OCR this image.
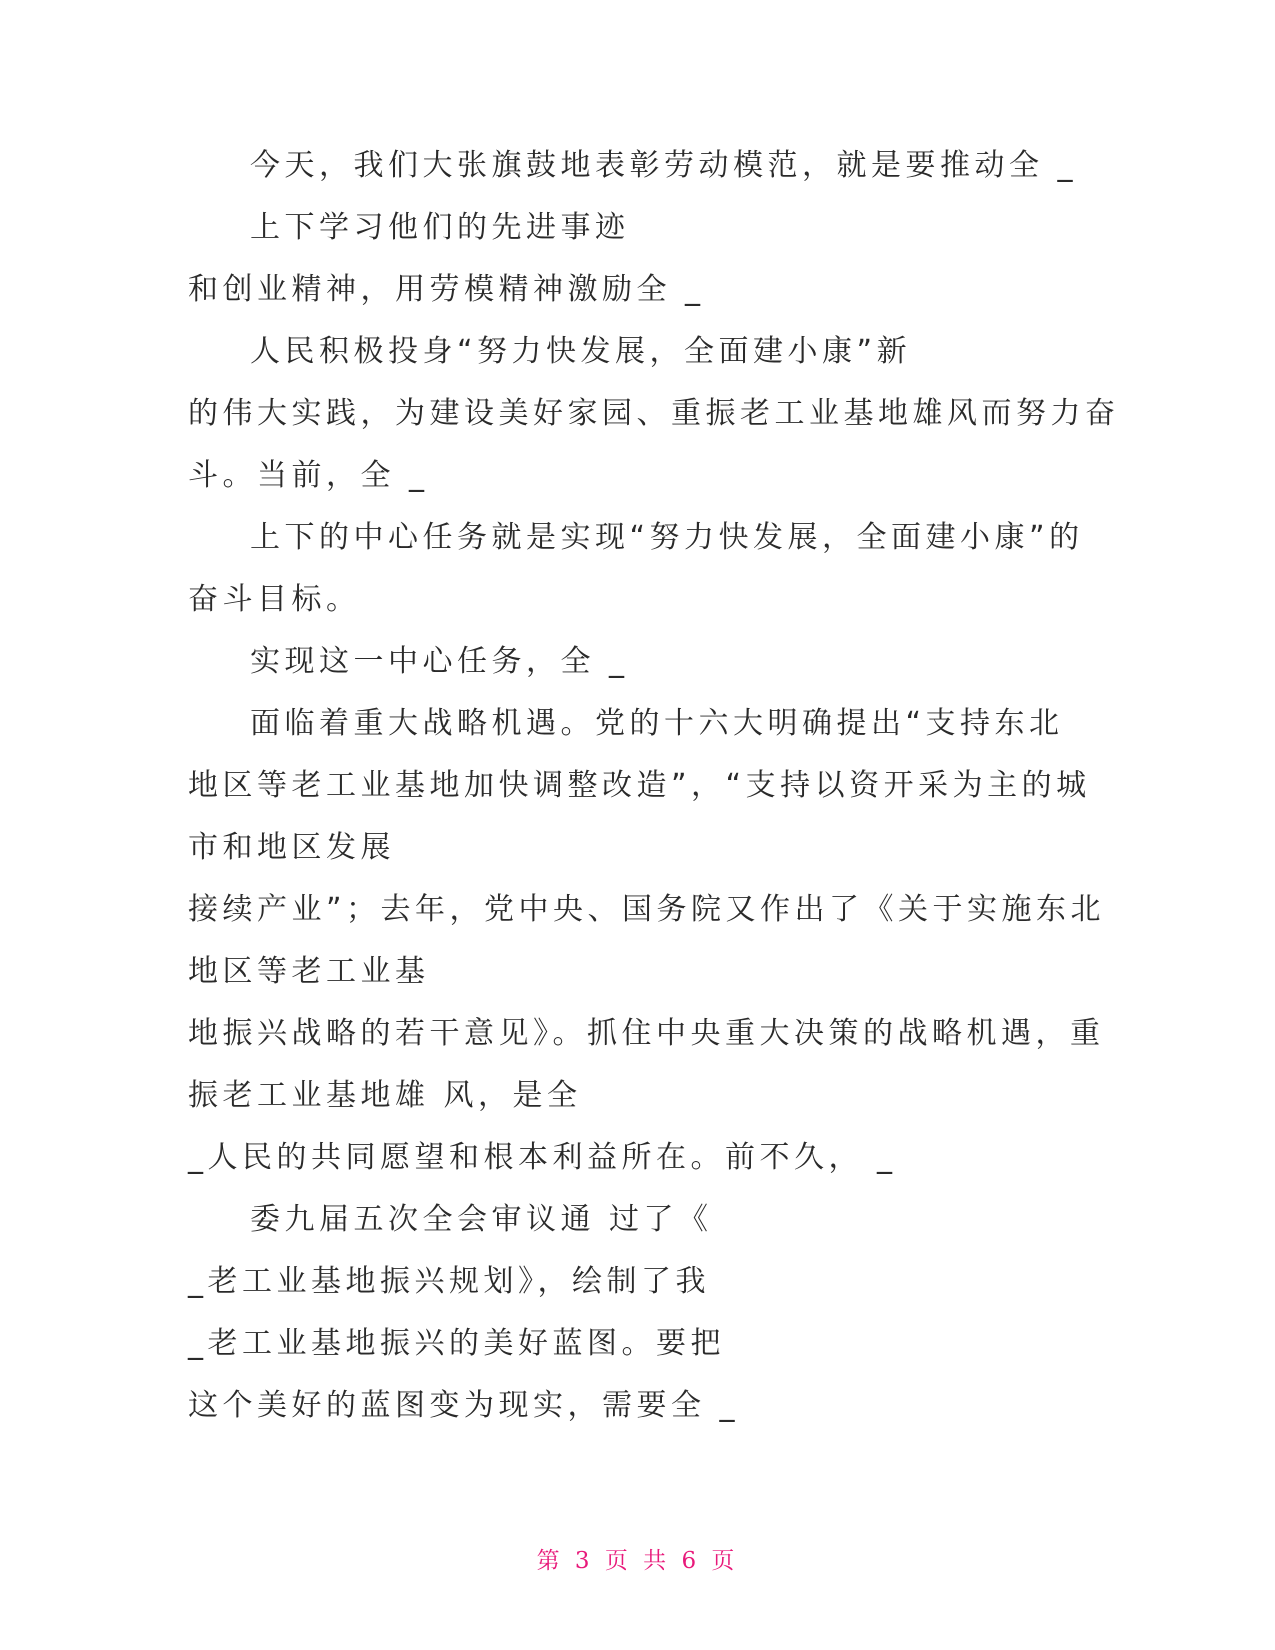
今天，我们大张旗鼓地表彰劳动模范，就是要推动全 _
上下学习他们的先进事迹
和创业精神，用劳模精神激励全 _
人民积极投身“努力快发展，全面建小康”新
的伟大实践，为建设美好家园、重振老工业基地雄风而努力奋
斗。当前，全 _
上下的中心任务就是实现“努力快发展，全面建小康”的
奋斗目标。
实现这一中心任务，全 _
面临着重大战略机遇。党的十六大明确提出“支持东北
地区等老工业基地加快调整改造”，“支持以资开采为主的城
市和地区发展
接续产业”；去年，党中央、国务院又作出了《关于实施东北
地区等老工业基
地振兴战略的若干意见》。抓住中央重大决策的战略机遇，重
振老工业基地雄 风，是全
_人民的共同愿望和根本利益所在。前不久， _
委九届五次全会审议通 过了《
_老工业基地振兴规划》，绘制了我
_老工业基地振兴的美好蓝图。要把
这个美好的蓝图变为现实，需要全 _
第 3 页 共 6 页
